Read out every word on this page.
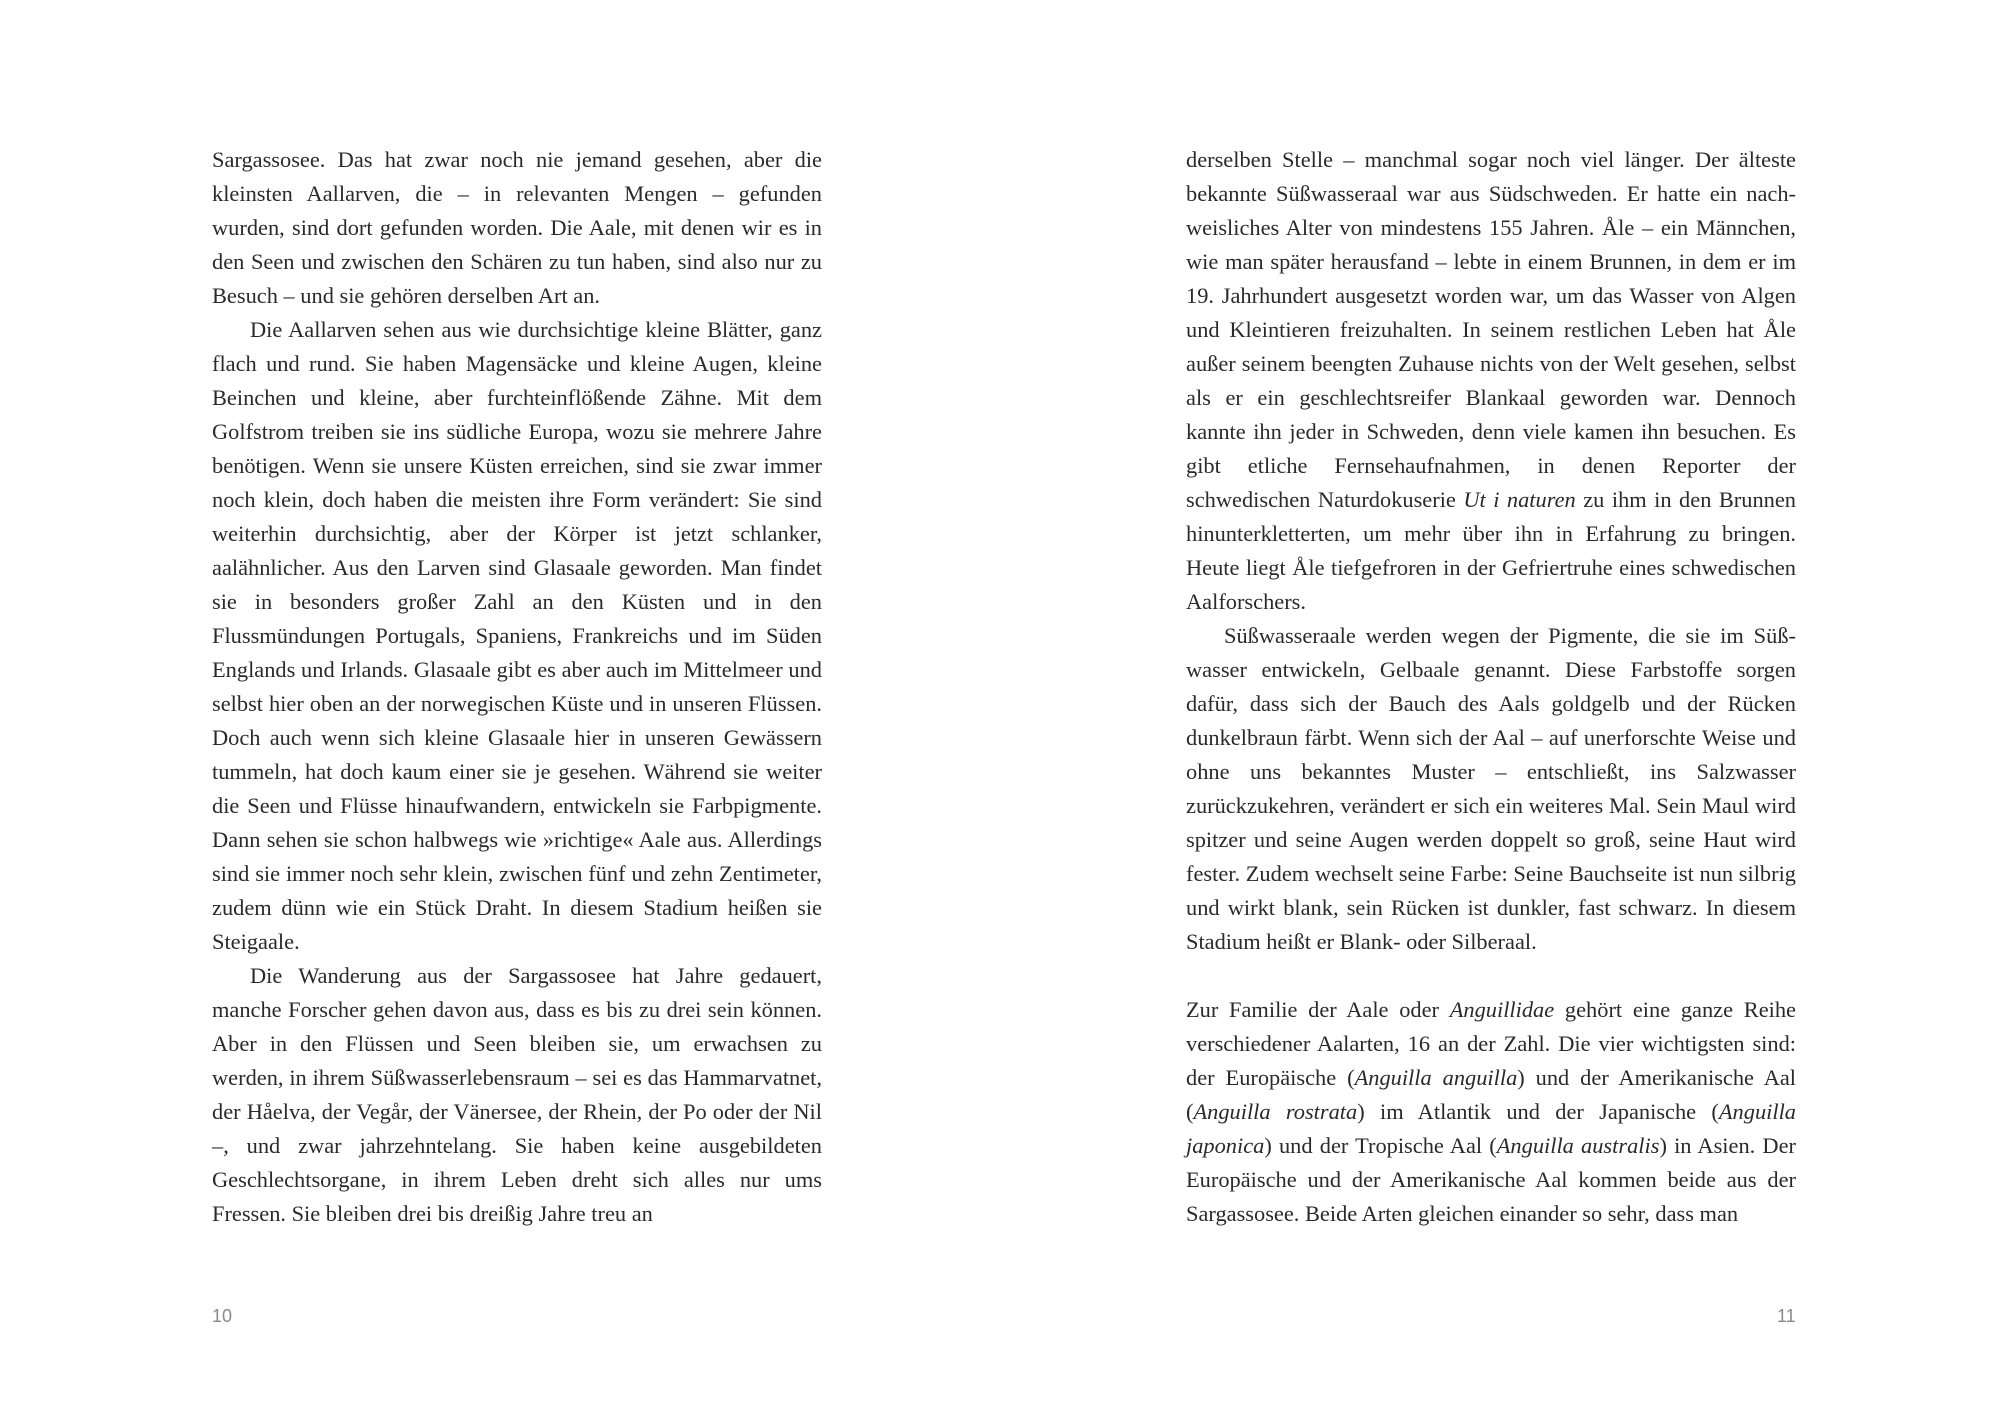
Sargassosee. Das hat zwar noch nie jemand gesehen, aber die kleinsten Aallarven, die – in relevanten Mengen – gefunden wurden, sind dort gefunden worden. Die Aale, mit denen wir es in den Seen und zwischen den Schären zu tun haben, sind also nur zu Besuch – und sie gehören derselben Art an.

Die Aallarven sehen aus wie durchsichtige kleine Blätter, ganz flach und rund. Sie haben Magensäcke und kleine Augen, kleine Beinchen und kleine, aber furchteinflößende Zähne. Mit dem Golfstrom treiben sie ins südliche Europa, wozu sie mehrere Jahre benötigen. Wenn sie unsere Küsten erreichen, sind sie zwar immer noch klein, doch haben die meisten ihre Form verändert: Sie sind weiterhin durchsichtig, aber der Körper ist jetzt schlanker, aalähnlicher. Aus den Larven sind Glasaale geworden. Man findet sie in besonders großer Zahl an den Küsten und in den Flussmündungen Portugals, Spaniens, Frankreichs und im Süden Englands und Irlands. Glasaale gibt es aber auch im Mittelmeer und selbst hier oben an der norwegischen Küste und in unseren Flüssen. Doch auch wenn sich kleine Glasaale hier in unseren Gewässern tummeln, hat doch kaum einer sie je gesehen. Während sie weiter die Seen und Flüsse hinaufwandern, entwickeln sie Farbpigmente. Dann sehen sie schon halbwegs wie »richtige« Aale aus. Allerdings sind sie immer noch sehr klein, zwischen fünf und zehn Zentimeter, zudem dünn wie ein Stück Draht. In diesem Stadium heißen sie Steigaale.

Die Wanderung aus der Sargassosee hat Jahre gedauert, manche Forscher gehen davon aus, dass es bis zu drei sein können. Aber in den Flüssen und Seen bleiben sie, um erwachsen zu werden, in ihrem Süßwasserlebensraum – sei es das Hammarvatnet, der Håelva, der Vegår, der Vänersee, der Rhein, der Po oder der Nil –, und zwar jahrzehntelang. Sie haben keine ausgebildeten Geschlechtsorgane, in ihrem Leben dreht sich alles nur ums Fressen. Sie bleiben drei bis dreißig Jahre treu an

10

derselben Stelle – manchmal sogar noch viel länger. Der älteste bekannte Süßwasseraal war aus Südschweden. Er hatte ein nachweisliches Alter von mindestens 155 Jahren. Åle – ein Männchen, wie man später herausfand – lebte in einem Brunnen, in dem er im 19. Jahrhundert ausgesetzt worden war, um das Wasser von Algen und Kleintieren freizuhalten. In seinem restlichen Leben hat Åle außer seinem beengten Zuhause nichts von der Welt gesehen, selbst als er ein geschlechtsreifer Blankaal geworden war. Dennoch kannte ihn jeder in Schweden, denn viele kamen ihn besuchen. Es gibt etliche Fernsehaufnahmen, in denen Reporter der schwedischen Naturdokuserie Ut i naturen zu ihm in den Brunnen hinunterkletterten, um mehr über ihn in Erfahrung zu bringen. Heute liegt Åle tiefgefroren in der Gefriertruhe eines schwedischen Aalforschers.

Süßwasseraale werden wegen der Pigmente, die sie im Süßwasser entwickeln, Gelbaale genannt. Diese Farbstoffe sorgen dafür, dass sich der Bauch des Aals goldgelb und der Rücken dunkelbraun färbt. Wenn sich der Aal – auf unerforschte Weise und ohne uns bekanntes Muster – entschließt, ins Salzwasser zurückzukehren, verändert er sich ein weiteres Mal. Sein Maul wird spitzer und seine Augen werden doppelt so groß, seine Haut wird fester. Zudem wechselt seine Farbe: Seine Bauchseite ist nun silbrig und wirkt blank, sein Rücken ist dunkler, fast schwarz. In diesem Stadium heißt er Blank- oder Silberaal.

Zur Familie der Aale oder Anguillidae gehört eine ganze Reihe verschiedener Aalarten, 16 an der Zahl. Die vier wichtigsten sind: der Europäische (Anguilla anguilla) und der Amerikanische Aal (Anguilla rostrata) im Atlantik und der Japanische (Anguilla japonica) und der Tropische Aal (Anguilla australis) in Asien. Der Europäische und der Amerikanische Aal kommen beide aus der Sargassosee. Beide Arten gleichen einander so sehr, dass man

11
